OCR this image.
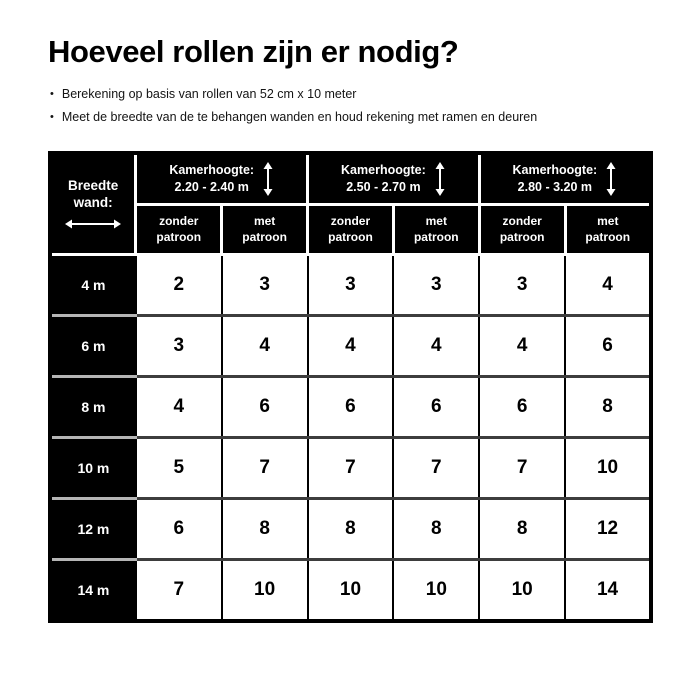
Hoeveel rollen zijn er nodig?
• Berekening op basis van rollen van 52 cm x 10 meter
• Meet de breedte van de te behangen wanden en houd rekening met ramen en deuren
Breedte
wand:

Kamerhoogte:
2.20 - 2.40 m

Kamerhoogte:
2.50 - 2.70 m

Kamerhoogte:
2.80 - 3.20 m

	zonder patroon	met patroon	zonder patroon	met patroon	zonder patroon	met patroon

4 m	2	3	3	3	3	4
6 m	3	4	4	4	4	6
8 m	4	6	6	6	6	8
10 m	5	7	7	7	7	10
12 m	6	8	8	8	8	12
14 m	7	10	10	10	10	14
